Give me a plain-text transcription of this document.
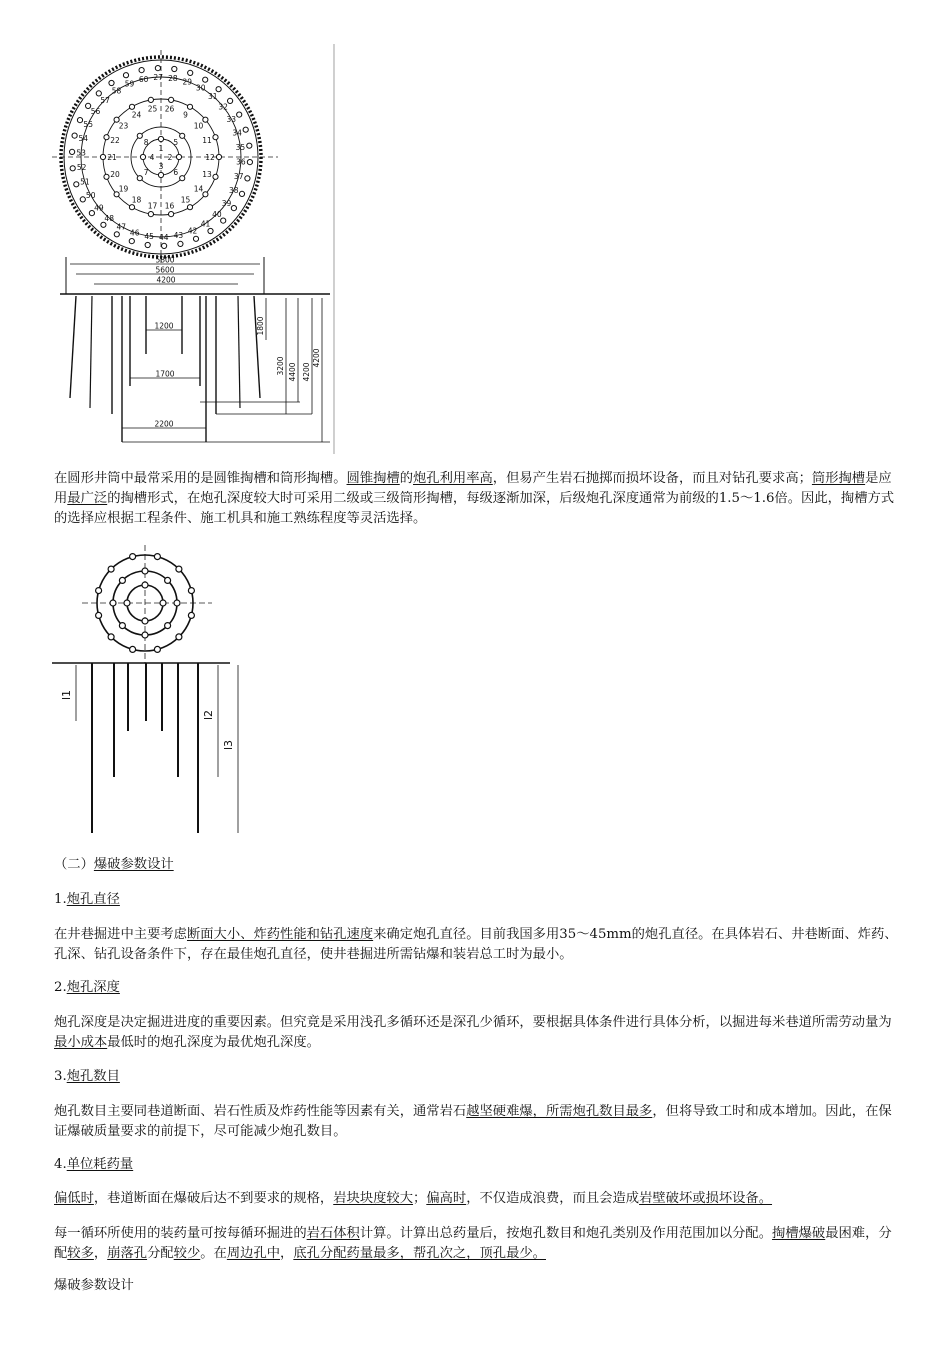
1
2
3
4
5
6
7
8
9
10
11
12
13
14
15
16
17
18
19
20
21
22
23
24
25 26
27 28 29
30
31
32
33
34
35
36
37
38
39
40
41
42
43
44
45
46
47
48
49
50
51
52
53
54
55
56
57
58
59
60
5800
5600
4200
1200
1700
2200
1800
3200 4400 4200
4200

在圆形井筒中最常采用的是圆锥掏槽和筒形掏槽。圆锥掏槽的炮孔利用率高，但易产生岩石抛掷而损坏设备，而且对钻孔要求高；筒形掏槽是应用最广泛的掏槽形式，在炮孔深度较大时可采用二级或三级筒形掏槽，每级逐渐加深，后级炮孔深度通常为前级的1.5～1.6倍。因此，掏槽方式的选择应根据工程条件、施工机具和施工熟练程度等灵活选择。

l1
l2
l3

（二）爆破参数设计

1.炮孔直径

在井巷掘进中主要考虑断面大小、炸药性能和钻孔速度来确定炮孔直径。目前我国多用35～45mm的炮孔直径。在具体岩石、井巷断面、炸药、孔深、钻孔设备条件下，存在最佳炮孔直径，使井巷掘进所需钻爆和装岩总工时为最小。

2.炮孔深度

炮孔深度是决定掘进进度的重要因素。但究竟是采用浅孔多循环还是深孔少循环，要根据具体条件进行具体分析，以掘进每米巷道所需劳动量为最小成本最低时的炮孔深度为最优炮孔深度。

3.炮孔数目

炮孔数目主要同巷道断面、岩石性质及炸药性能等因素有关，通常岩石越坚硬难爆，所需炮孔数目最多，但将导致工时和成本增加。因此，在保证爆破质量要求的前提下，尽可能减少炮孔数目。

4.单位耗药量

偏低时，巷道断面在爆破后达不到要求的规格，岩块块度较大；偏高时，不仅造成浪费，而且会造成岩壁破坏或损坏设备。

每一循环所使用的装药量可按每循环掘进的岩石体积计算。计算出总药量后，按炮孔数目和炮孔类别及作用范围加以分配。掏槽爆破最困难，分配较多，崩落孔分配较少。在周边孔中，底孔分配药量最多，帮孔次之，顶孔最少。

爆破参数设计
